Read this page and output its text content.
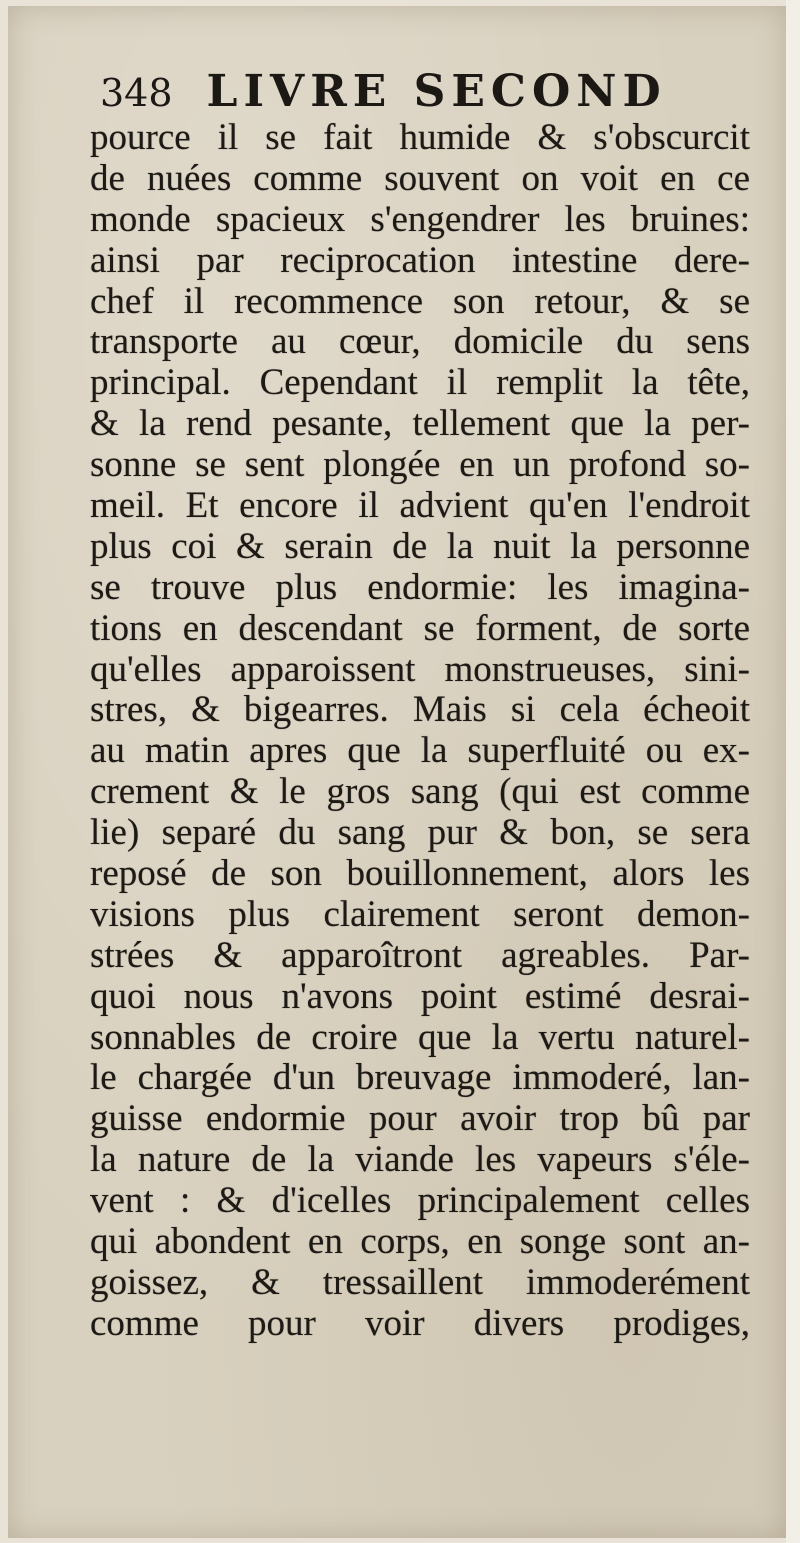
348 LIVRE SECOND
pource il se fait humide & s'obscurcit
de nuées comme souvent on voit en ce
monde spacieux s'engendrer les bruines:
ainsi par reciprocation intestine dere-
chef il recommence son retour, & se
transporte au cœur, domicile du sens
principal. Cependant il remplit la tête,
& la rend pesante, tellement que la per-
sonne se sent plongée en un profond so-
meil. Et encore il advient qu'en l'endroit
plus coi & serain de la nuit la personne
se trouve plus endormie: les imagina-
tions en descendant se forment, de sorte
qu'elles apparoissent monstrueuses, sini-
stres, & bigearres. Mais si cela écheoit
au matin apres que la superfluité ou ex-
crement & le gros sang (qui est comme
lie) separé du sang pur & bon, se sera
reposé de son bouillonnement, alors les
visions plus clairement seront demon-
strées & apparoîtront agreables. Par-
quoi nous n'avons point estimé desrai-
sonnables de croire que la vertu naturel-
le chargée d'un breuvage immoderé, lan-
guisse endormie pour avoir trop bû par
la nature de la viande les vapeurs s'éle-
vent : & d'icelles principalement celles
qui abondent en corps, en songe sont an-
goissez, & tressaillent immoderément
comme pour voir divers prodiges,
